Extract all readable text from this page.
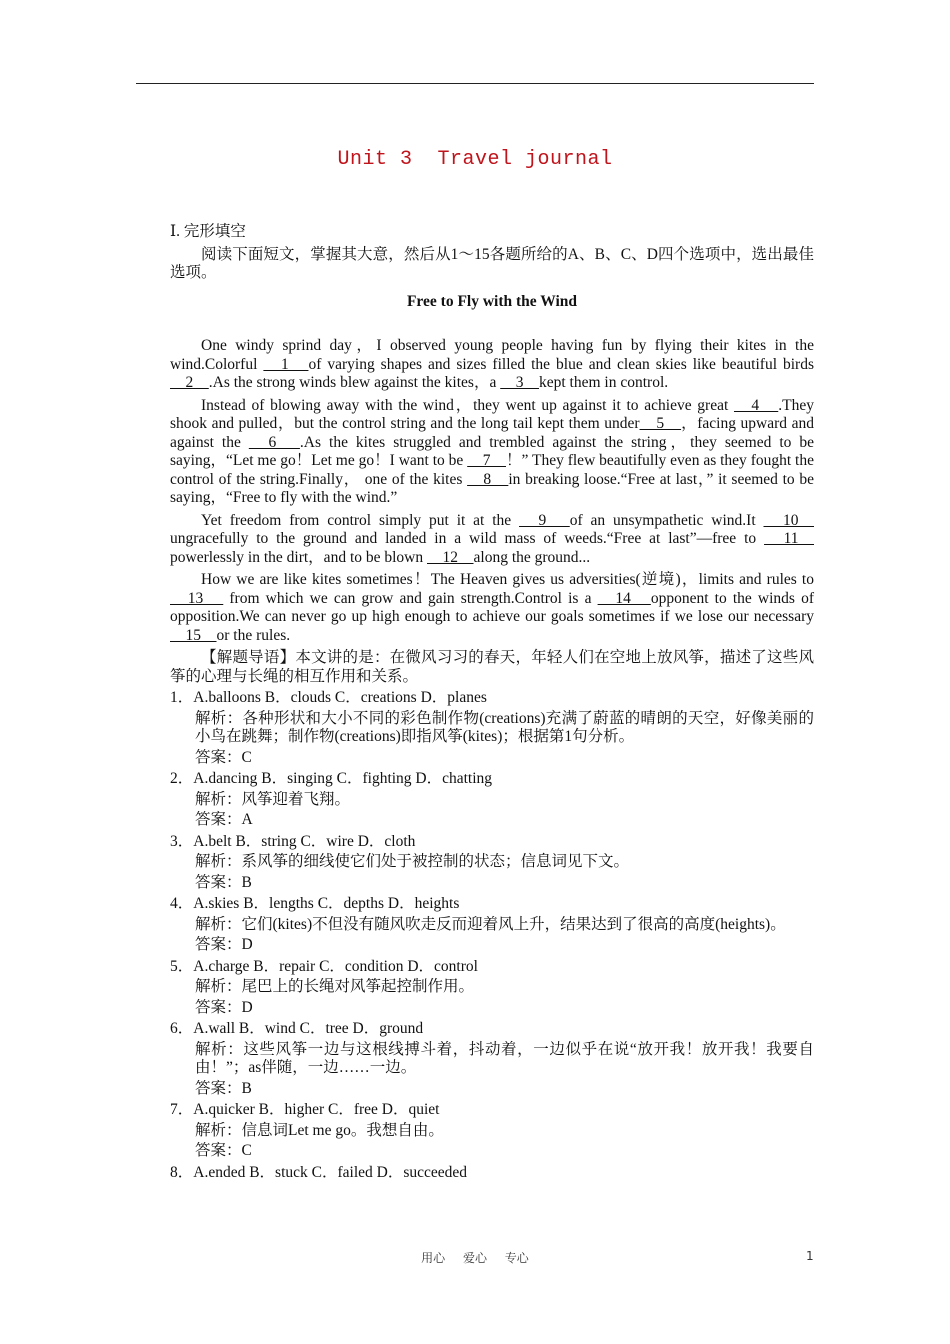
Unit 3  Travel journal
Ⅰ. 完形填空
阅读下面短文，掌握其大意，然后从1～15各题所给的A、B、C、D四个选项中，选出最佳选项。
Free to Fly with the Wind
One windy sprind day，I observed young people having fun by flying their kites in the wind.Colorful 　1　of varying shapes and sizes filled the blue and clean skies like beautiful birds 　2　.As the strong winds blew against the kites，a 　3　kept them in control.
Instead of blowing away with the wind，they went up against it to achieve great 　4　.They shook and pulled，but the control string and the long tail kept them under　5　，facing upward and against the 　6　.As the kites struggled and trembled against the string，they seemed to be saying，“Let me go！Let me go！I want to be 　7　！” They flew beautifully even as they fought the control of the string.Finally， one of the kites 　8　in breaking loose.“Free at last，” it seemed to be saying，“Free to fly with the wind.”
Yet freedom from control simply put it at the 　9　of an unsympathetic wind.It 　10　ungracefully to the ground and landed in a wild mass of weeds.“Free at last”—free to 　11　powerlessly in the dirt，and to be blown 　12　along the ground...
How we are like kites sometimes！The Heaven gives us adversities(逆境)，limits and rules to 　13　 from which we can grow and gain strength.Control is a 　14　opponent to the winds of opposition.We can never go up high enough to achieve our goals sometimes if we lose our necessary 　15　or the rules.
【解题导语】本文讲的是：在微风习习的春天，年轻人们在空地上放风筝，描述了这些风筝的心理与长绳的相互作用和关系。
1．A.balloons B．clouds C．creations D．planes
解析：各种形状和大小不同的彩色制作物(creations)充满了蔚蓝的晴朗的天空，好像美丽的小鸟在跳舞；制作物(creations)即指风筝(kites)；根据第1句分析。
答案：C
2．A.dancing B．singing C．fighting D．chatting
解析：风筝迎着飞翔。
答案：A
3．A.belt B．string C．wire D．cloth
解析：系风筝的细线使它们处于被控制的状态；信息词见下文。
答案：B
4．A.skies B．lengths C．depths D．heights
解析：它们(kites)不但没有随风吹走反而迎着风上升，结果达到了很高的高度(heights)。
答案：D
5．A.charge B．repair C．condition D．control
解析：尾巴上的长绳对风筝起控制作用。
答案：D
6．A.wall B．wind C．tree D．ground
解析：这些风筝一边与这根线搏斗着，抖动着，一边似乎在说“放开我！放开我！我要自由！”；as伴随，一边……一边。
答案：B
7．A.quicker B．higher C．free D．quiet
解析：信息词Let me go。我想自由。
答案：C
8．A.ended B．stuck C．failed D．succeeded
用心 爱心 专心	1
